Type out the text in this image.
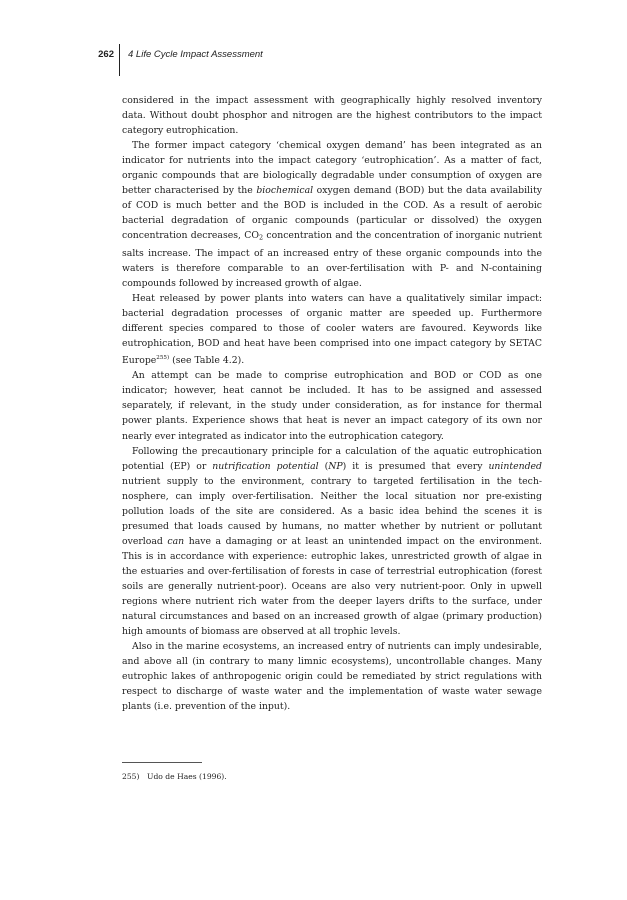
262 4 Life Cycle Impact Assessment

considered in the impact assessment with geographically highly resolved inventory data. Without doubt phosphor and nitrogen are the highest contributors to the impact category eutrophication.

The former impact category ‘chemical oxygen demand’ has been integrated as an indicator for nutrients into the impact category ‘eutrophication’. As a matter of fact, organic compounds that are biologically degradable under consumption of oxygen are better characterised by the biochemical oxygen demand (BOD) but the data availability of COD is much better and the BOD is included in the COD. As a result of aerobic bacterial degradation of organic compounds (particular or dissolved) the oxygen concentration decreases, $CO_2$ concentration and the concentration of inorganic nutrient salts increase. The impact of an increased entry of these organic compounds into the waters is therefore comparable to an over-fertilisation with P- and N-containing compounds followed by increased growth of algae.

Heat released by power plants into waters can have a qualitatively similar impact: bacterial degradation processes of organic matter are speeded up. Furthermore different species compared to those of cooler waters are favoured. Keywords like eutrophication, BOD and heat have been comprised into one impact category by SETAC Europe$^{255)}$ (see Table 4.2).

An attempt can be made to comprise eutrophication and BOD or COD as one indicator; however, heat cannot be included. It has to be assigned and assessed separately, if relevant, in the study under consideration, as for instance for thermal power plants. Experience shows that heat is never an impact category of its own nor nearly ever integrated as indicator into the eutrophication category.

Following the precautionary principle for a calculation of the aquatic eutrophication potential (EP) or nutrification potential (NP) it is presumed that every unintended nutrient supply to the environment, contrary to targeted fertilisation in the technosphere, can imply over-fertilisation. Neither the local situation nor pre-existing pollution loads of the site are considered. As a basic idea behind the scenes it is presumed that loads caused by humans, no matter whether by nutrient or pollutant overload can have a damaging or at least an unintended impact on the environment. This is in accordance with experience: eutrophic lakes, unrestricted growth of algae in the estuaries and over-fertilisation of forests in case of terrestrial eutrophication (forest soils are generally nutrient-poor). Oceans are also very nutrient-poor. Only in upwell regions where nutrient rich water from the deeper layers drifts to the surface, under natural circumstances and based on an increased growth of algae (primary production) high amounts of biomass are observed at all trophic levels.

Also in the marine ecosystems, an increased entry of nutrients can imply undesirable, and above all (in contrary to many limnic ecosystems), uncontrollable changes. Many eutrophic lakes of anthropogenic origin could be remediated by strict regulations with respect to discharge of waste water and the implementation of waste water sewage plants (i.e. prevention of the input).

255) Udo de Haes (1996).
